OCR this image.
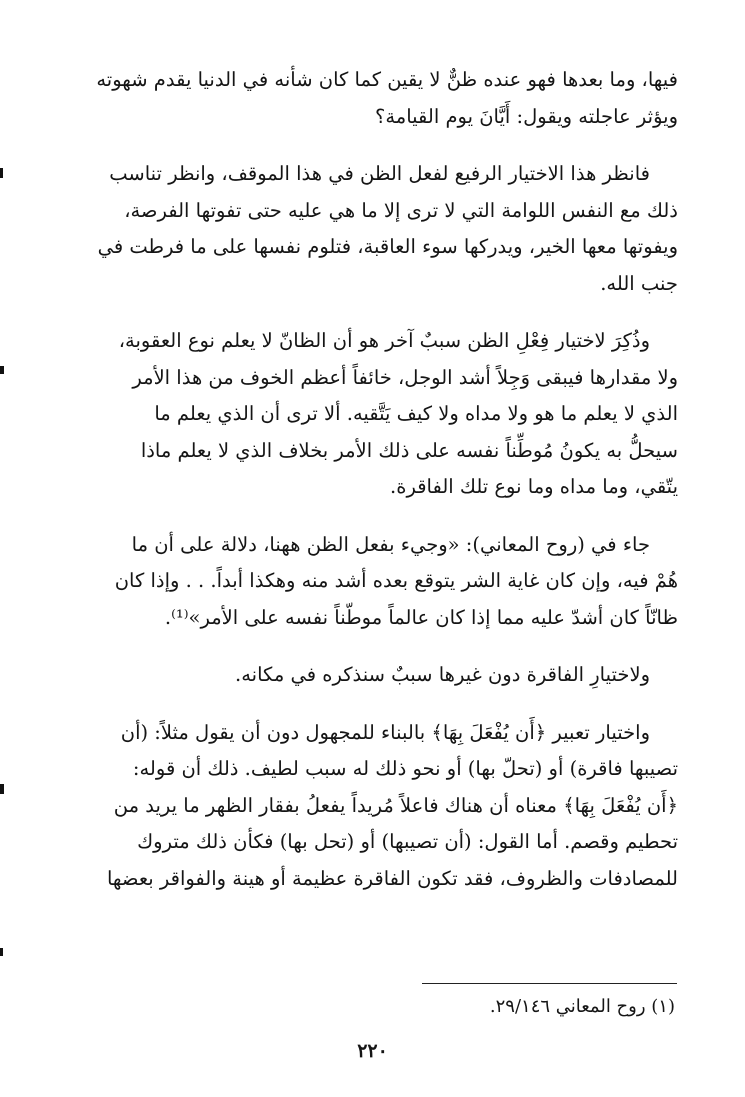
فيها، وما بعدها فهو عنده ظنٌّ لا يقين كما كان شأنه في الدنيا يقدم شهوته

ويؤثر عاجلته ويقول: أَيَّانَ يوم القيامة؟

فانظر هذا الاختيار الرفيع لفعل الظن في هذا الموقف، وانظر تناسب

ذلك مع النفس اللوامة التي لا ترى إلا ما هي عليه حتى تفوتها الفرصة،

ويفوتها معها الخير، ويدركها سوء العاقبة، فتلوم نفسها على ما فرطت في

جنب الله.

وذُكِرَ لاختيار فِعْلِ الظن سببٌ آخر هو أن الظانّ لا يعلم نوع العقوبة،

ولا مقدارها فيبقى وَجِلاً أشد الوجل، خائفاً أعظم الخوف من هذا الأمر

الذي لا يعلم ما هو ولا مداه ولا كيف يَتَّقيه. ألا ترى أن الذي يعلم ما

سيحلُّ به يكونُ مُوطِّناً نفسه على ذلك الأمر بخلاف الذي لا يعلم ماذا

يتّقي، وما مداه وما نوع تلك الفاقرة.

جاء في (روح المعاني): «وجيء بفعل الظن ههنا، دلالة على أن ما

هُمْ فيه، وإن كان غاية الشر يتوقع بعده أشد منه وهكذا أبداً. . . وإذا كان

ظانّاً كان أشدّ عليه مما إذا كان عالماً موطّناً نفسه على الأمر»⁽¹⁾.

ولاختيارِ الفاقرة دون غيرها سببٌ سنذكره في مكانه.

واختيار تعبير ﴿أَن يُفْعَلَ بِهَا﴾ بالبناء للمجهول دون أن يقول مثلاً: (أن

تصيبها فاقرة) أو (تحلّ بها) أو نحو ذلك له سبب لطيف. ذلك أن قوله:

﴿أَن يُفْعَلَ بِهَا﴾ معناه أن هناك فاعلاً مُريداً يفعلُ بفقار الظهر ما يريد من

تحطيم وقصم. أما القول: (أن تصيبها) أو (تحل بها) فكأن ذلك متروك

للمصادفات والظروف، فقد تكون الفاقرة عظيمة أو هينة والفواقر بعضها

(١) روح المعاني ٢٩/١٤٦.
٢٢٠
